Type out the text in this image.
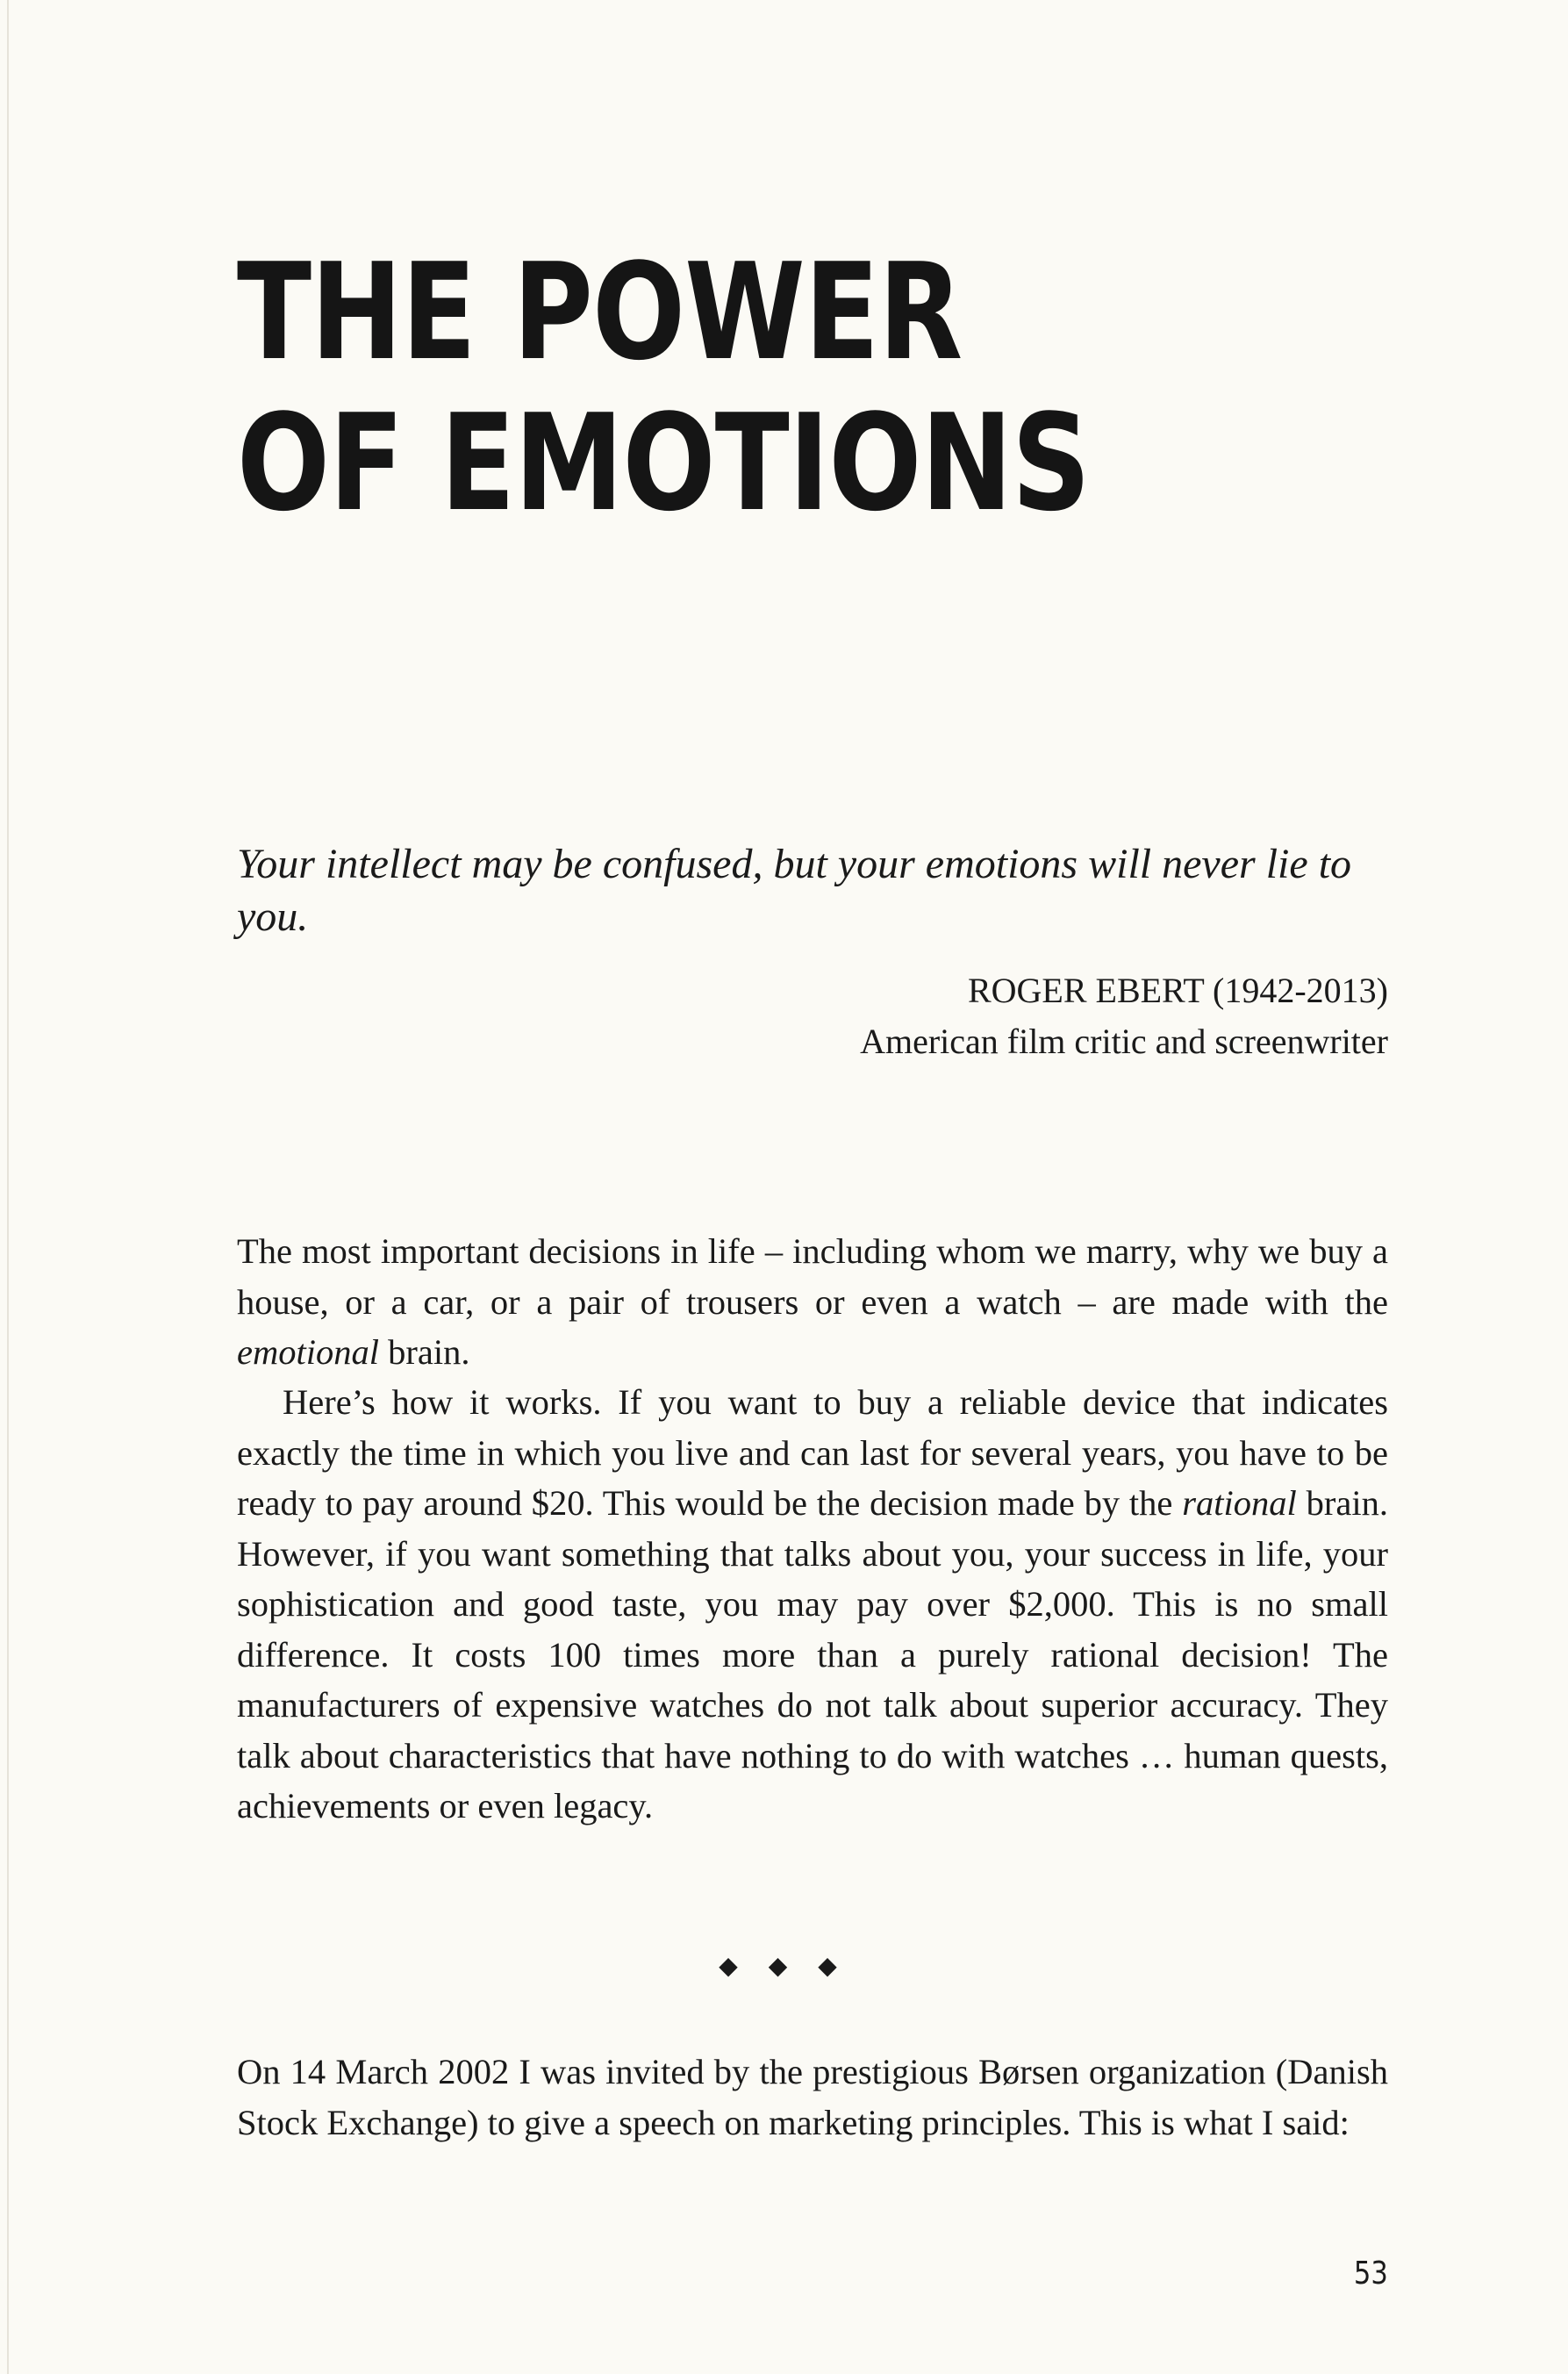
THE POWER
OF EMOTIONS

Your intellect may be confused, but your emotions will never lie to you.

ROGER EBERT (1942-2013)
American film critic and screenwriter

The most important decisions in life – including whom we marry, why we buy a house, or a car, or a pair of trousers or even a watch – are made with the emotional brain.

Here’s how it works. If you want to buy a reliable device that indicates exactly the time in which you live and can last for several years, you have to be ready to pay around $20. This would be the decision made by the rational brain. However, if you want something that talks about you, your success in life, your sophistication and good taste, you may pay over $2,000. This is no small difference. It costs 100 times more than a purely rational decision! The manufacturers of expensive watches do not talk about superior accuracy. They talk about characteristics that have nothing to do with watches … human quests, achievements or even legacy.

◆ ◆ ◆

On 14 March 2002 I was invited by the prestigious Børsen organization (Danish Stock Exchange) to give a speech on marketing principles. This is what I said:

53
